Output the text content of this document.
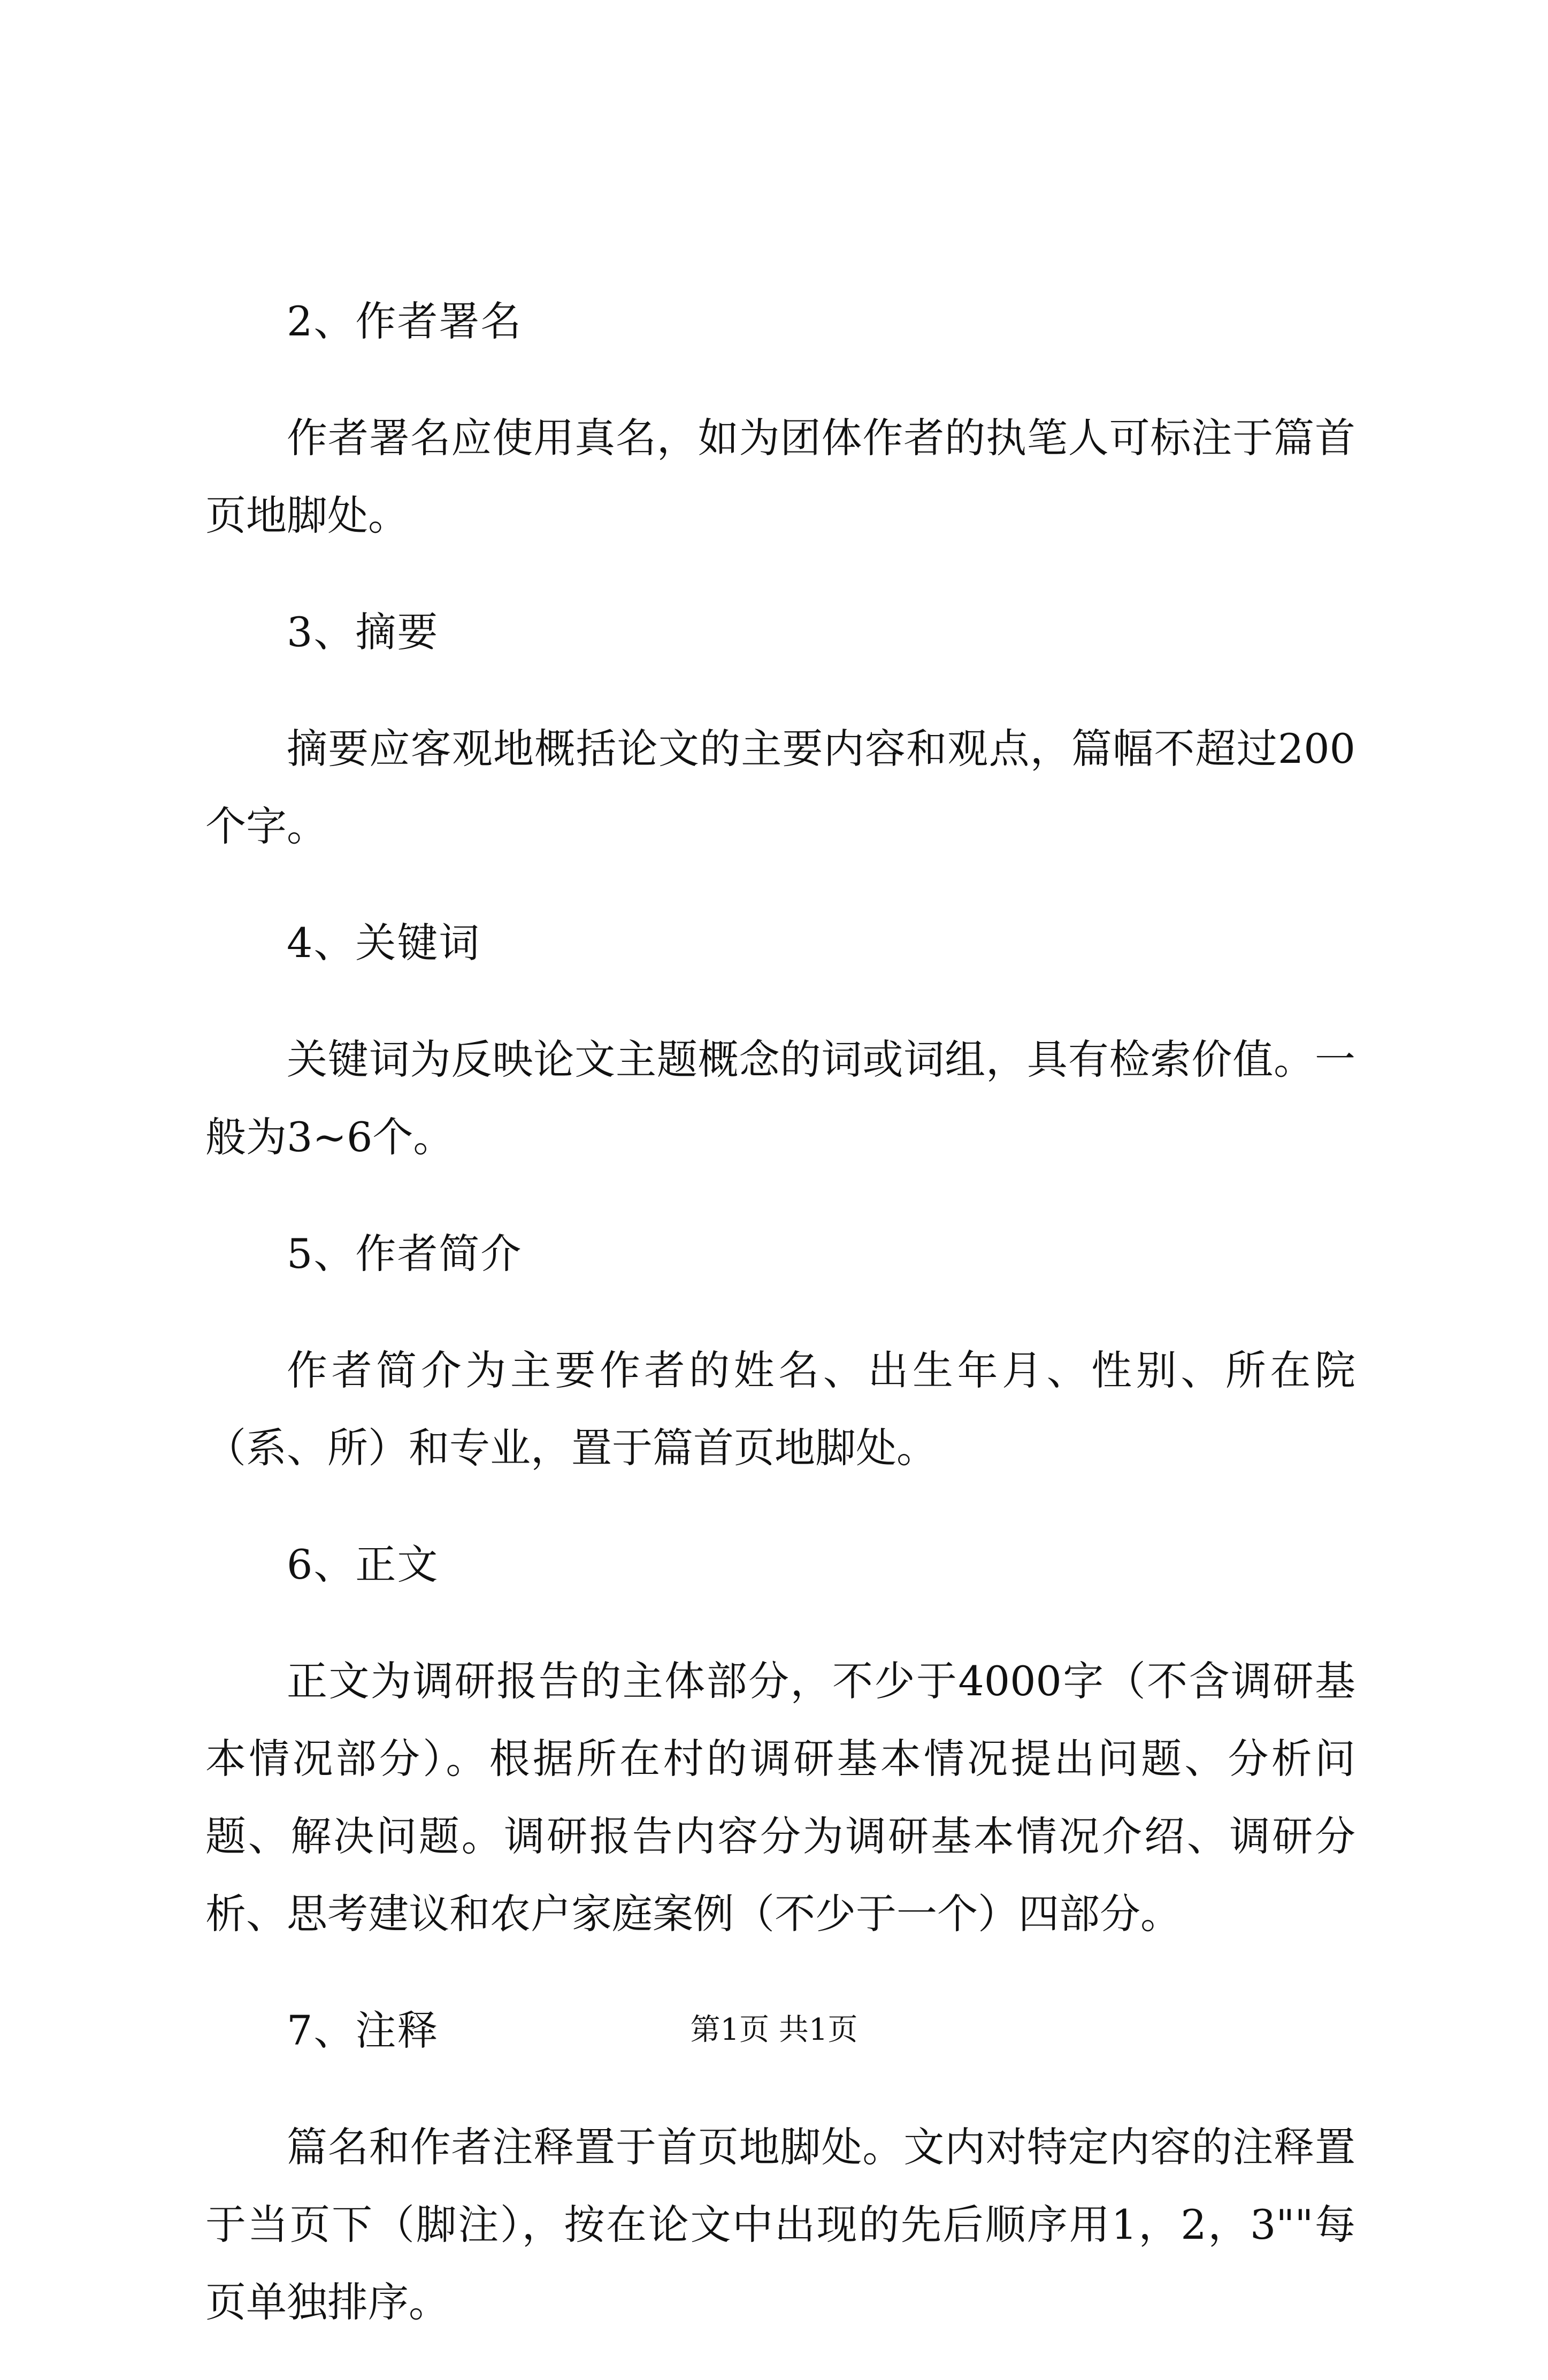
2、作者署名

作者署名应使用真名，如为团体作者的执笔人可标注于篇首页地脚处。

3、摘要

摘要应客观地概括论文的主要内容和观点，篇幅不超过200个字。

4、关键词

关键词为反映论文主题概念的词或词组，具有检索价值。一般为3~6个。

5、作者简介

作者简介为主要作者的姓名、出生年月、性别、所在院（系、所）和专业，置于篇首页地脚处。

6、正文

正文为调研报告的主体部分，不少于4000字（不含调研基本情况部分）。根据所在村的调研基本情况提出问题、分析问题、解决问题。调研报告内容分为调研基本情况介绍、调研分析、思考建议和农户家庭案例（不少于一个）四部分。

7、注释

篇名和作者注释置于首页地脚处。文内对特定内容的注释置于当页下（脚注），按在论文中出现的先后顺序用1，2，3""每页单独排序。

第1页 共1页
